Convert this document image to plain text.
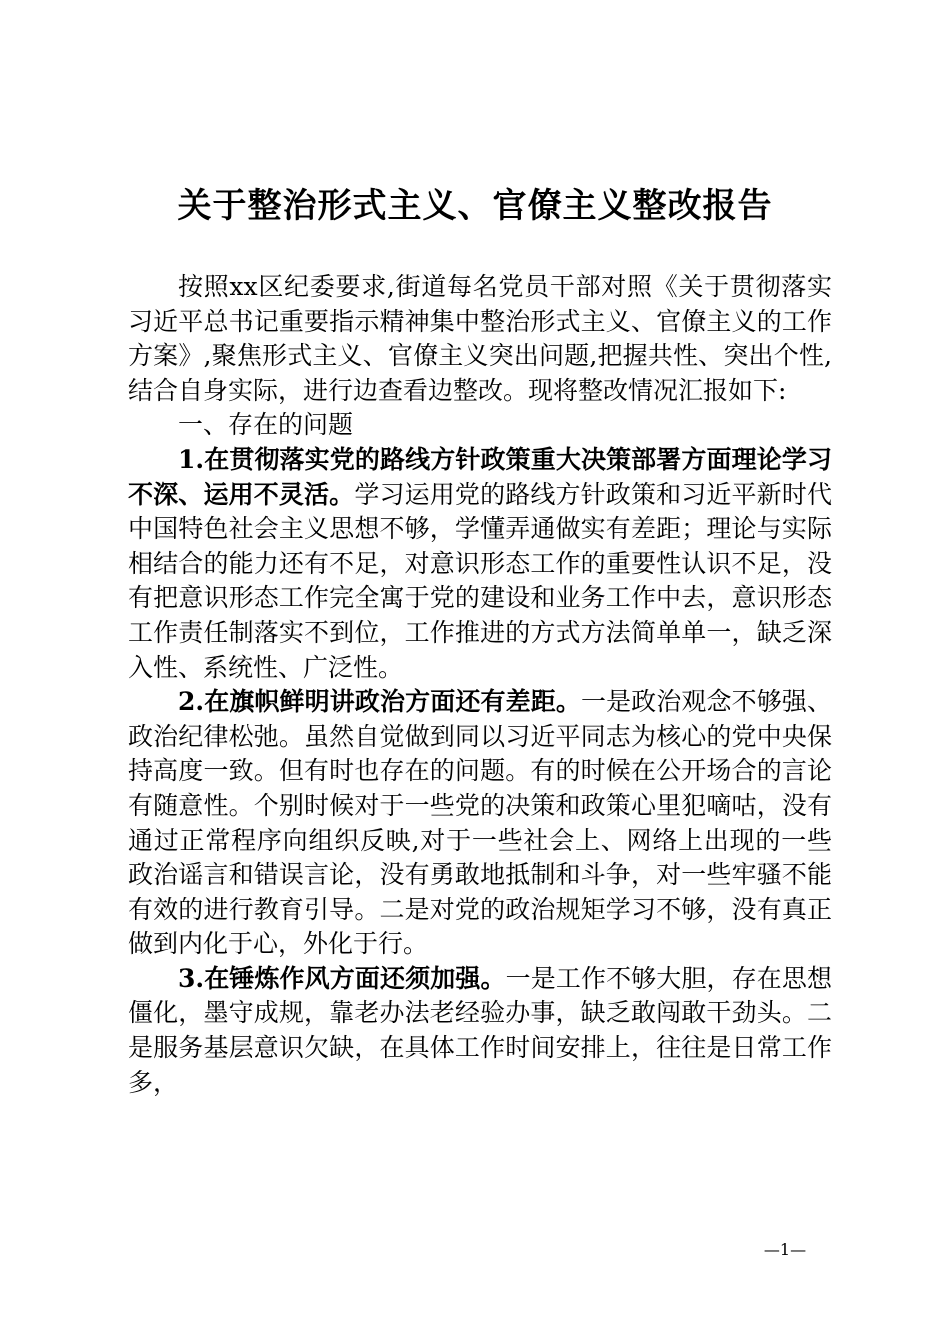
关于整治形式主义、官僚主义整改报告

按照xx区纪委要求,街道每名党员干部对照《关于贯彻落实习近平总书记重要指示精神集中整治形式主义、官僚主义的工作方案》,聚焦形式主义、官僚主义突出问题,把握共性、突出个性,结合自身实际，进行边查看边整改。现将整改情况汇报如下:

一、存在的问题

1.在贯彻落实党的路线方针政策重大决策部署方面理论学习不深、运用不灵活。学习运用党的路线方针政策和习近平新时代中国特色社会主义思想不够，学懂弄通做实有差距；理论与实际相结合的能力还有不足，对意识形态工作的重要性认识不足，没有把意识形态工作完全寓于党的建设和业务工作中去，意识形态工作责任制落实不到位，工作推进的方式方法简单单一，缺乏深入性、系统性、广泛性。

2.在旗帜鲜明讲政治方面还有差距。一是政治观念不够强、政治纪律松弛。虽然自觉做到同以习近平同志为核心的党中央保持高度一致。但有时也存在的问题。有的时候在公开场合的言论有随意性。个别时候对于一些党的决策和政策心里犯嘀咕，没有通过正常程序向组织反映,对于一些社会上、网络上出现的一些政治谣言和错误言论，没有勇敢地抵制和斗争，对一些牢骚不能有效的进行教育引导。二是对党的政治规矩学习不够，没有真正做到内化于心，外化于行。

3.在锤炼作风方面还须加强。一是工作不够大胆，存在思想僵化，墨守成规，靠老办法老经验办事，缺乏敢闯敢干劲头。二是服务基层意识欠缺，在具体工作时间安排上，往往是日常工作多，

—1—
